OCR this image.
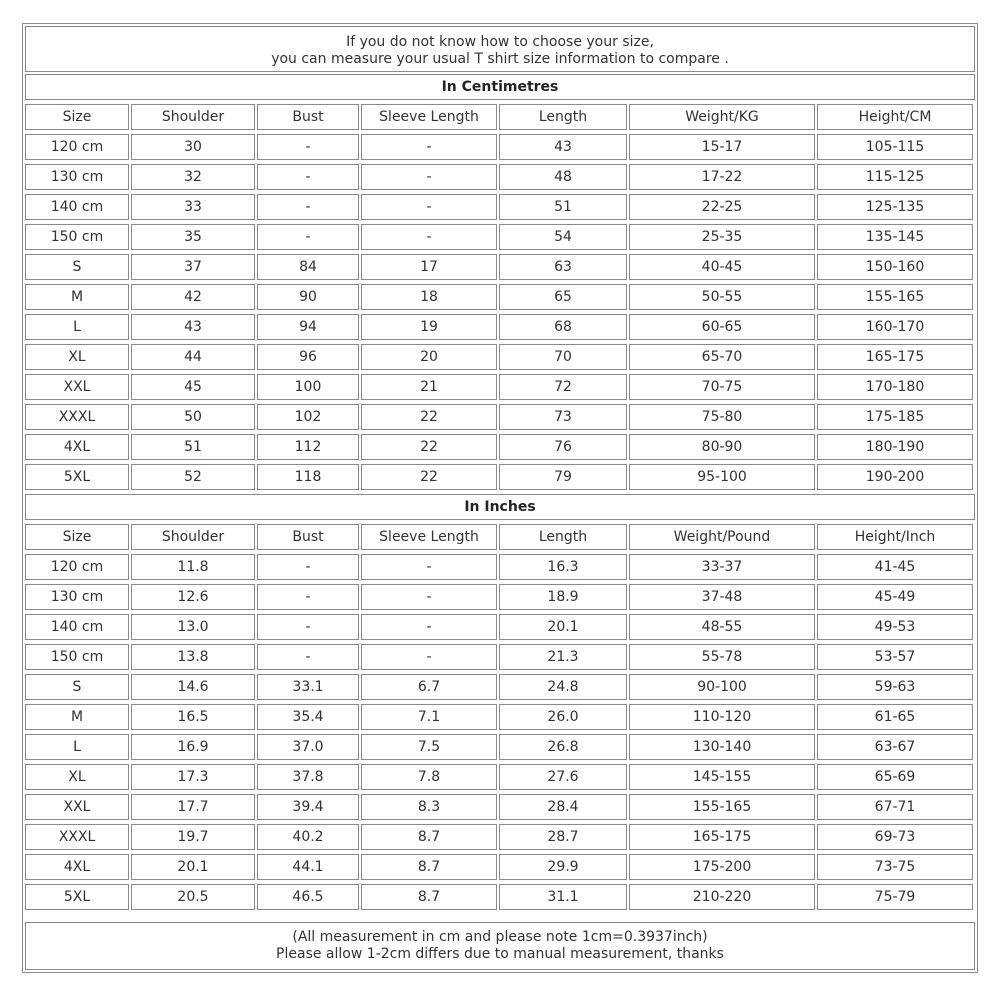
If you do not know how to choose your size,
you can measure your usual T shirt size information to compare .
(All measurement in cm and please note 1cm=0.3937inch)
Please allow 1-2cm differs due to manual measurement, thanks
In Centimetres
Size	Shoulder	Bust	Sleeve Length	Length	Weight/KG	Height/CM
120 cm	30	-	-	43	15-17	105-115
130 cm	32	-	-	48	17-22	115-125
140 cm	33	-	-	51	22-25	125-135
150 cm	35	-	-	54	25-35	135-145
S	37	84	17	63	40-45	150-160
M	42	90	18	65	50-55	155-165
L	43	94	19	68	60-65	160-170
XL	44	96	20	70	65-70	165-175
XXL	45	100	21	72	70-75	170-180
XXXL	50	102	22	73	75-80	175-185
4XL	51	112	22	76	80-90	180-190
5XL	52	118	22	79	95-100	190-200
In Inches
Size	Shoulder	Bust	Sleeve Length	Length	Weight/Pound	Height/Inch
120 cm	11.8	-	-	16.3	33-37	41-45
130 cm	12.6	-	-	18.9	37-48	45-49
140 cm	13.0	-	-	20.1	48-55	49-53
150 cm	13.8	-	-	21.3	55-78	53-57
S	14.6	33.1	6.7	24.8	90-100	59-63
M	16.5	35.4	7.1	26.0	110-120	61-65
L	16.9	37.0	7.5	26.8	130-140	63-67
XL	17.3	37.8	7.8	27.6	145-155	65-69
XXL	17.7	39.4	8.3	28.4	155-165	67-71
XXXL	19.7	40.2	8.7	28.7	165-175	69-73
4XL	20.1	44.1	8.7	29.9	175-200	73-75
5XL	20.5	46.5	8.7	31.1	210-220	75-79
